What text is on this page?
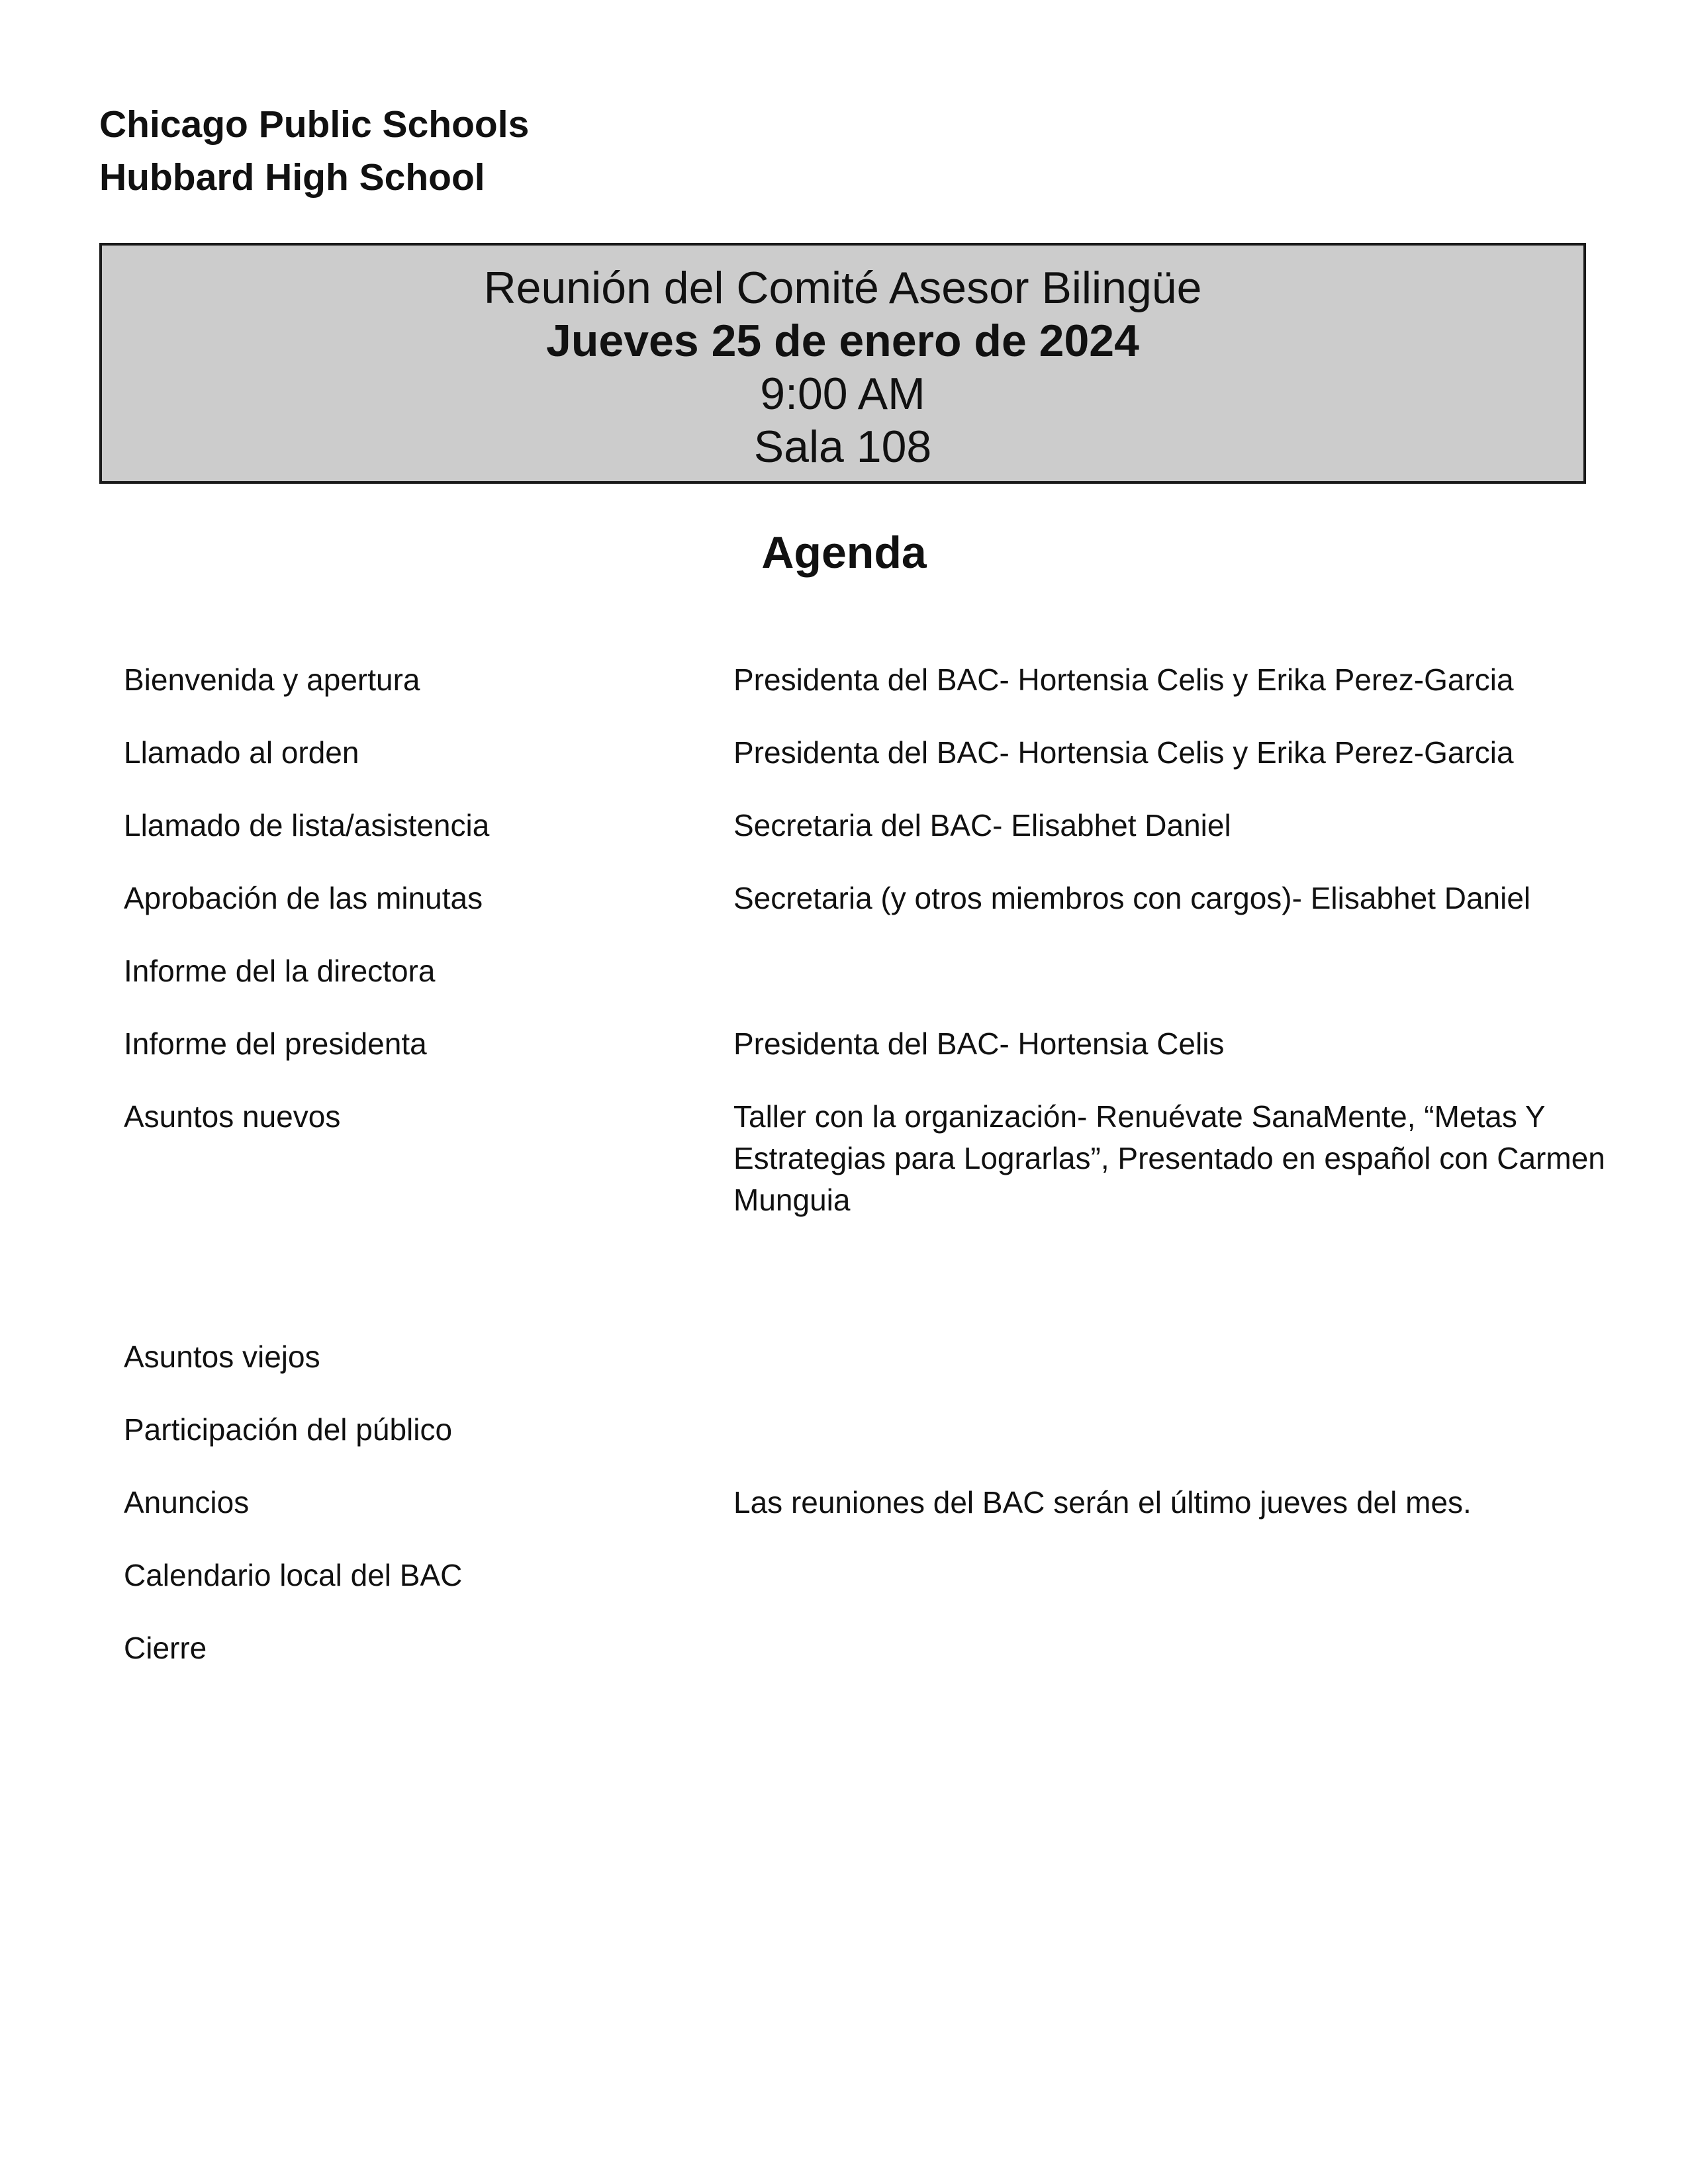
Chicago Public Schools
Hubbard High School
Reunión del Comité Asesor Bilingüe
Jueves 25 de enero de 2024
9:00 AM
Sala 108
Agenda
Bienvenida y apertura	Presidenta del BAC- Hortensia Celis y Erika Perez-Garcia
Llamado al orden	Presidenta del BAC- Hortensia Celis y Erika Perez-Garcia
Llamado de lista/asistencia	Secretaria del BAC- Elisabhet Daniel
Aprobación de las minutas	Secretaria (y otros miembros con cargos)- Elisabhet Daniel
Informe del la directora
Informe del presidenta	Presidenta del BAC- Hortensia Celis
Asuntos nuevos	Taller con la organización- Renuévate SanaMente, “Metas Y Estrategias para Lograrlas”, Presentado en español con Carmen Munguia
Asuntos viejos
Participación del público
Anuncios	Las reuniones del BAC serán el último jueves del mes.
Calendario local del BAC
Cierre
